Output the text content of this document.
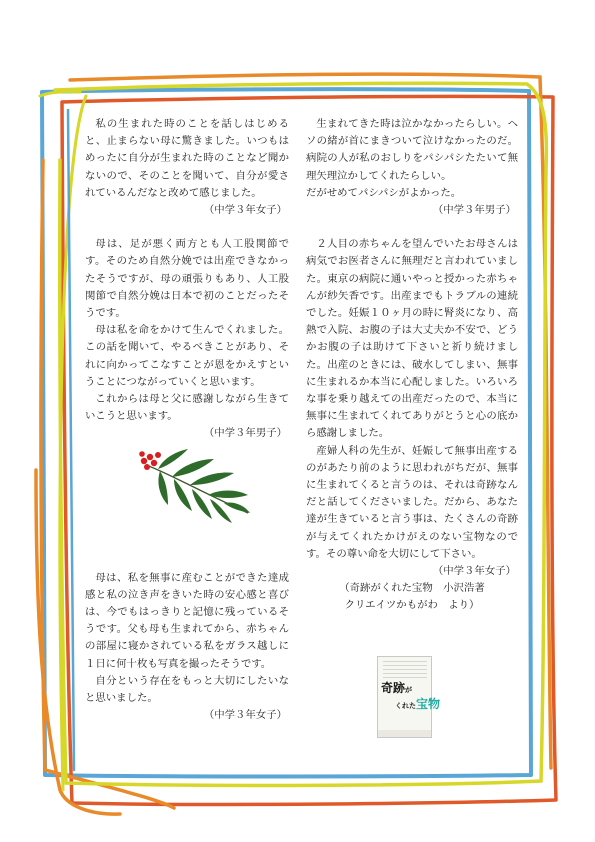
私の生まれた時のことを話しはじめると、止まらない母に驚きました。いつもはめったに自分が生まれた時のことなど聞かないので、そのことを聞いて、自分が愛されているんだなと改めて感じました。

（中学３年女子）

母は、足が悪く両方とも人工股関節です。そのため自然分娩では出産できなかったそうですが、母の頑張りもあり、人工股関節で自然分娩は日本で初のことだったそうです。

母は私を命をかけて生んでくれました。この話を聞いて、やるべきことがあり、それに向かってこなすことが恩をかえすということにつながっていくと思います。

これからは母と父に感謝しながら生きていこうと思います。

（中学３年男子）

母は、私を無事に産むことができた達成感と私の泣き声をきいた時の安心感と喜びは、今でもはっきりと記憶に残っているそうです。父も母も生まれてから、赤ちゃんの部屋に寝かされている私をガラス越しに１日に何十枚も写真を撮ったそうです。

自分という存在をもっと大切にしたいなと思いました。

（中学３年女子）

生まれてきた時は泣かなかったらしい。ヘソの緒が首にまきついて泣けなかったのだ。病院の人が私のおしりをパシパシたたいて無理矢理泣かしてくれたらしい。
だがせめてパシパシがよかった。

（中学３年男子）

２人目の赤ちゃんを望んでいたお母さんは病気でお医者さんに無理だと言われていました。東京の病院に通いやっと授かった赤ちゃんが紗矢香です。出産までもトラブルの連続でした。妊娠１０ヶ月の時に腎炎になり、高熱で入院、お腹の子は大丈夫か不安で、どうかお腹の子は助けて下さいと祈り続けました。出産のときには、破水してしまい、無事に生まれるか本当に心配しました。いろいろな事を乗り越えての出産だったので、本当に無事に生まれてくれてありがとうと心の底から感謝しました。

産婦人科の先生が、妊娠して無事出産するのがあたり前のように思われがちだが、無事に生まれてくると言うのは、それは奇跡なんだと話してくださいました。だから、あなた達が生きていると言う事は、たくさんの奇跡が与えてくれたかけがえのない宝物なのです。その尊い命を大切にして下さい。

（中学３年女子）

（奇跡がくれた宝物　小沢浩著

クリエイツかもがわ　より）

奇跡が
くれた宝物
